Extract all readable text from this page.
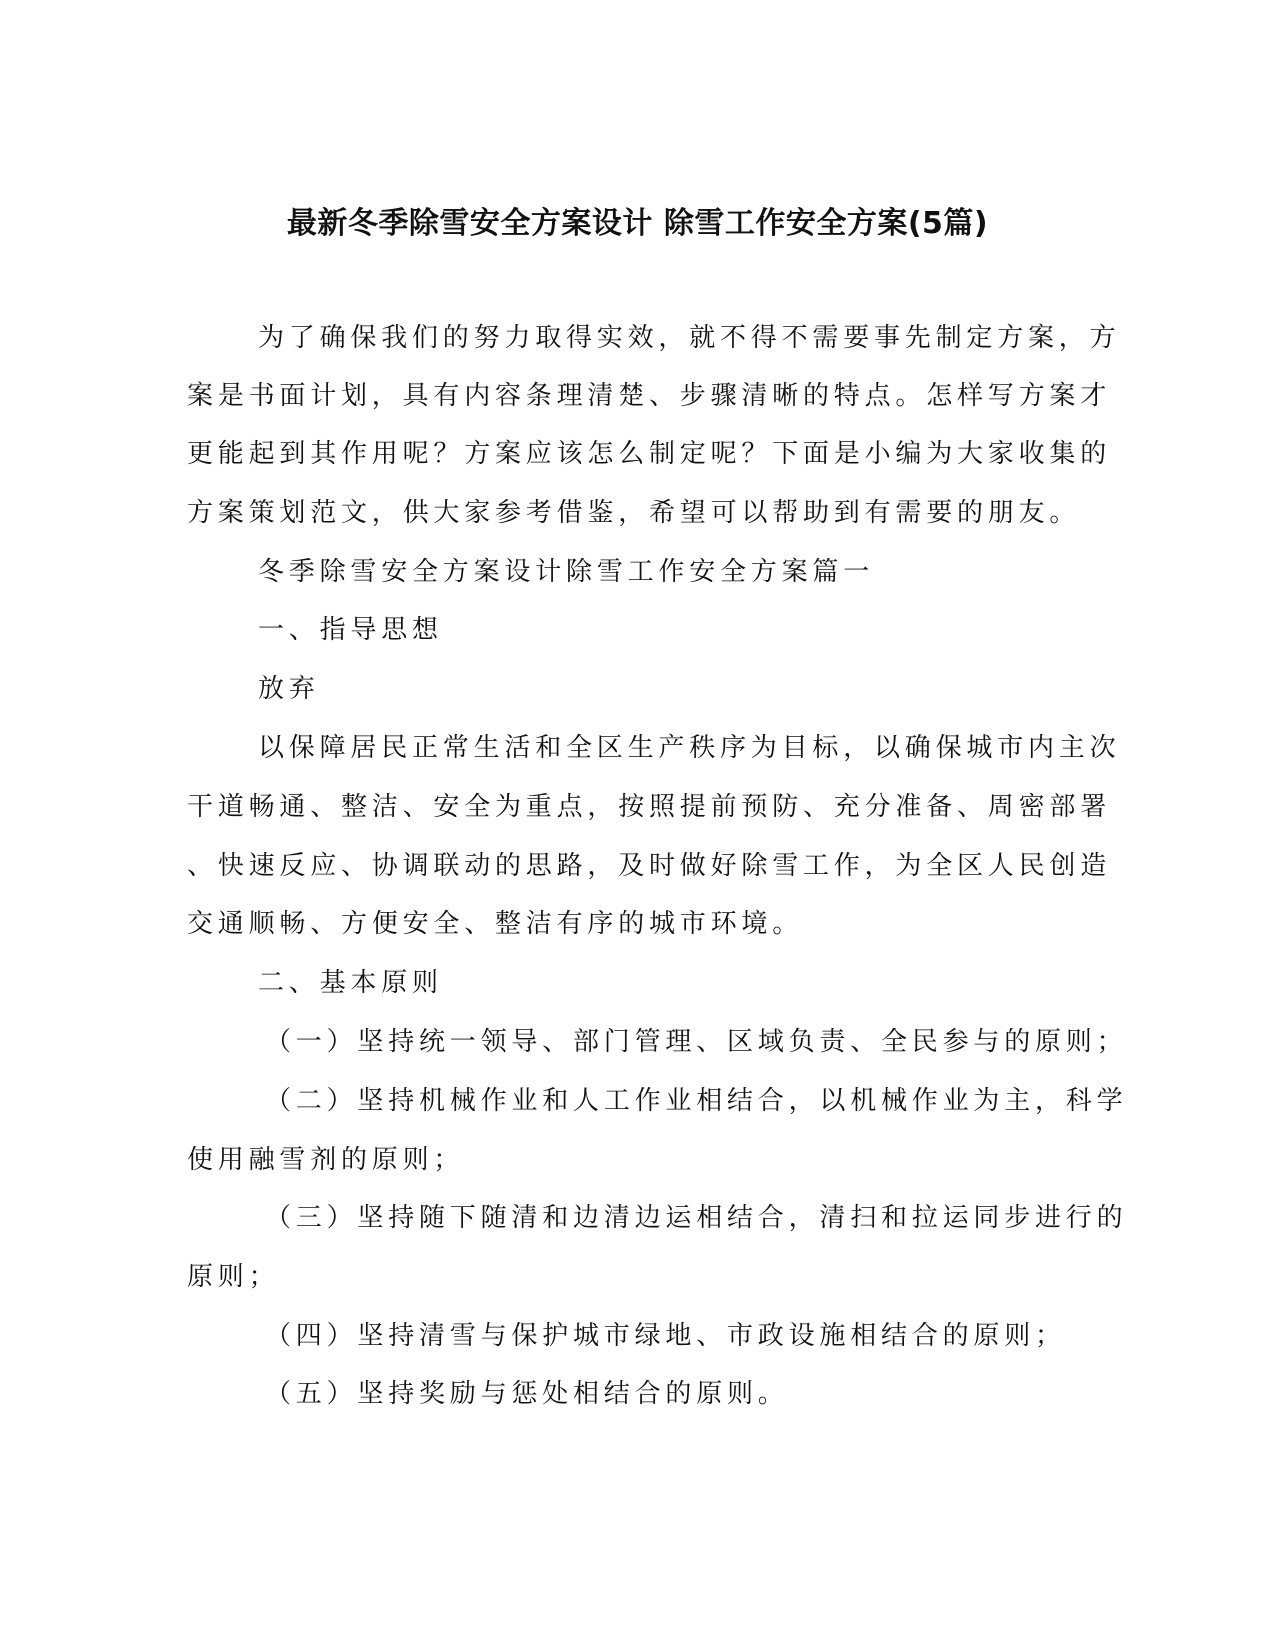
最新冬季除雪安全方案设计 除雪工作安全方案(5篇)

为了确保我们的努力取得实效，就不得不需要事先制定方案，方

案是书面计划，具有内容条理清楚、步骤清晰的特点。怎样写方案才

更能起到其作用呢？方案应该怎么制定呢？下面是小编为大家收集的

方案策划范文，供大家参考借鉴，希望可以帮助到有需要的朋友。

冬季除雪安全方案设计除雪工作安全方案篇一

一、指导思想

放弃

以保障居民正常生活和全区生产秩序为目标，以确保城市内主次

干道畅通、整洁、安全为重点，按照提前预防、充分准备、周密部署

、快速反应、协调联动的思路，及时做好除雪工作，为全区人民创造

交通顺畅、方便安全、整洁有序的城市环境。

二、基本原则

（一）坚持统一领导、部门管理、区域负责、全民参与的原则；

（二）坚持机械作业和人工作业相结合，以机械作业为主，科学

使用融雪剂的原则；

（三）坚持随下随清和边清边运相结合，清扫和拉运同步进行的

原则；

（四）坚持清雪与保护城市绿地、市政设施相结合的原则；

（五）坚持奖励与惩处相结合的原则。
